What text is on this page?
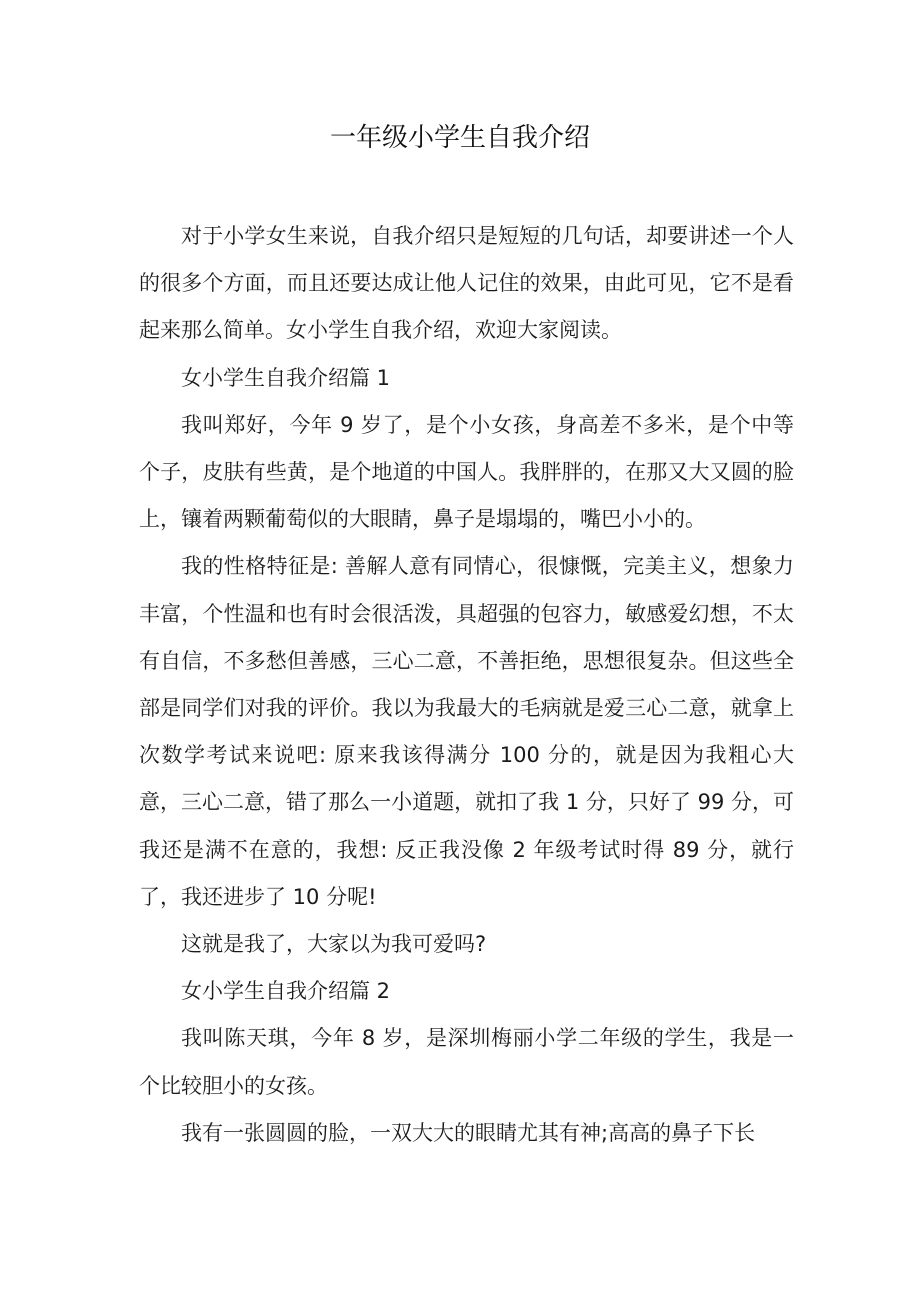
一年级小学生自我介绍

对于小学女生来说，自我介绍只是短短的几句话，却要讲述一个人的很多个方面，而且还要达成让他人记住的效果，由此可见，它不是看起来那么简单。女小学生自我介绍，欢迎大家阅读。

女小学生自我介绍篇 1

我叫郑好，今年 9 岁了，是个小女孩，身高差不多米，是个中等个子，皮肤有些黄，是个地道的中国人。我胖胖的，在那又大又圆的脸上，镶着两颗葡萄似的大眼睛，鼻子是塌塌的，嘴巴小小的。

我的性格特征是: 善解人意有同情心，很慷慨，完美主义，想象力丰富，个性温和也有时会很活泼，具超强的包容力，敏感爱幻想，不太有自信，不多愁但善感，三心二意，不善拒绝，思想很复杂。但这些全部是同学们对我的评价。我以为我最大的毛病就是爱三心二意，就拿上次数学考试来说吧: 原来我该得满分 100 分的，就是因为我粗心大意，三心二意，错了那么一小道题，就扣了我 1 分，只好了 99 分，可我还是满不在意的，我想: 反正我没像 2 年级考试时得 89 分，就行了，我还进步了 10 分呢!

这就是我了，大家以为我可爱吗?

女小学生自我介绍篇 2

我叫陈天琪，今年 8 岁，是深圳梅丽小学二年级的学生，我是一个比较胆小的女孩。

我有一张圆圆的脸，一双大大的眼睛尤其有神;高高的鼻子下长
